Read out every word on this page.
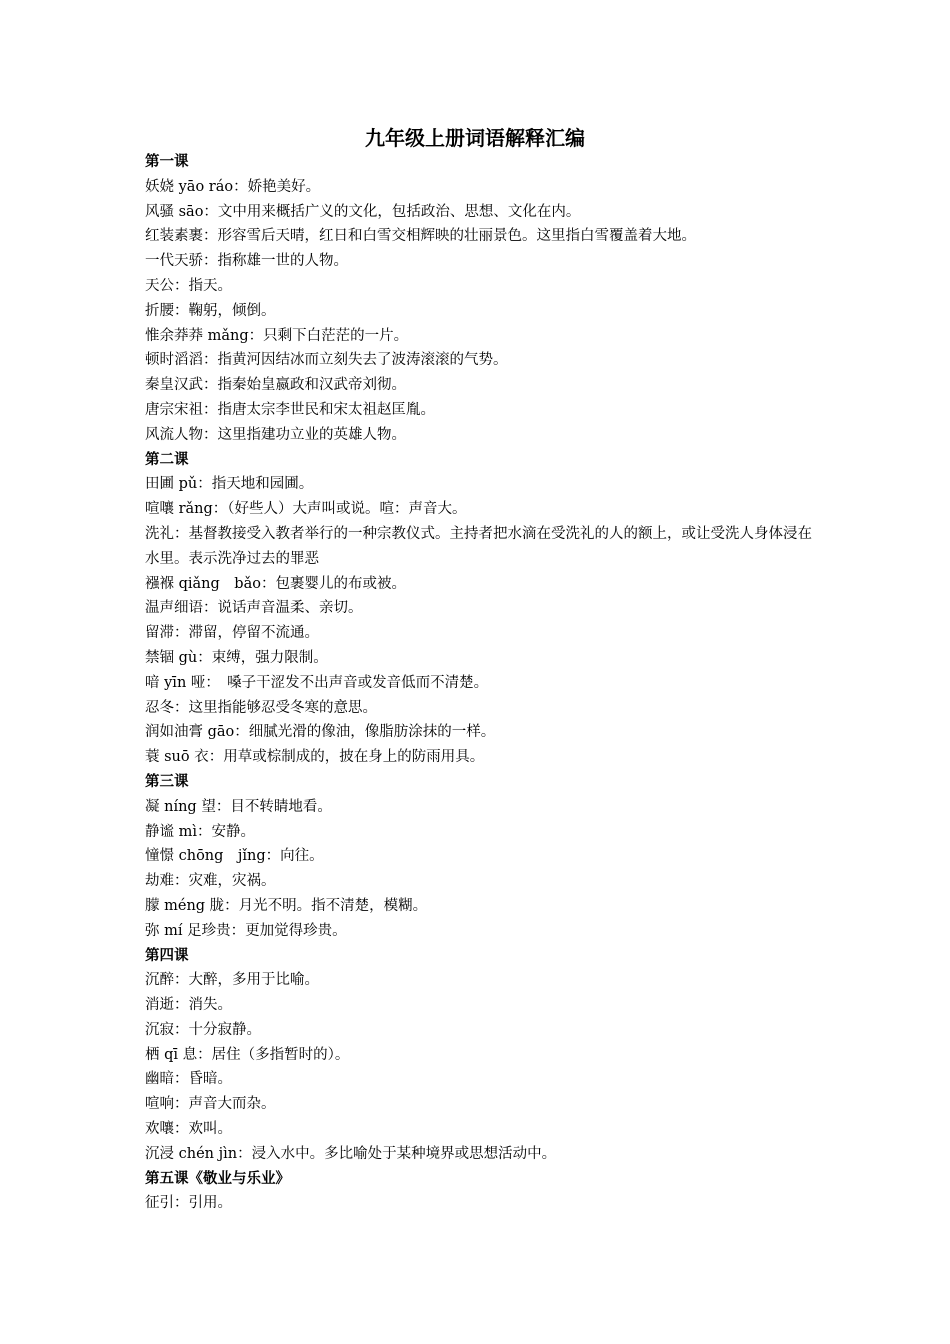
九年级上册词语解释汇编
第一课
妖娆 yāo ráo：娇艳美好。
风骚 sāo：文中用来概括广义的文化，包括政治、思想、文化在内。
红装素裹：形容雪后天晴，红日和白雪交相辉映的壮丽景色。这里指白雪覆盖着大地。
一代天骄：指称雄一世的人物。
天公：指天。
折腰：鞠躬，倾倒。
惟余莽莽 mǎng：只剩下白茫茫的一片。
顿时滔滔：指黄河因结冰而立刻失去了波涛滚滚的气势。
秦皇汉武：指秦始皇嬴政和汉武帝刘彻。
唐宗宋祖：指唐太宗李世民和宋太祖赵匡胤。
风流人物：这里指建功立业的英雄人物。
第二课
田圃 pǔ：指天地和园圃。
喧嚷 rǎng：（好些人）大声叫或说。喧：声音大。
洗礼：基督教接受入教者举行的一种宗教仪式。主持者把水滴在受洗礼的人的额上，或让受洗人身体浸在水里。表示洗净过去的罪恶
襁褓 qiǎng　bǎo：包裹婴儿的布或被。
温声细语：说话声音温柔、亲切。
留滞：滞留，停留不流通。
禁锢 gù：束缚，强力限制。
喑 yīn 哑：　嗓子干涩发不出声音或发音低而不清楚。
忍冬：这里指能够忍受冬寒的意思。
润如油膏 gāo：细腻光滑的像油，像脂肪涂抹的一样。
蓑 suō 衣：用草或棕制成的，披在身上的防雨用具。
第三课
凝 níng 望：目不转睛地看。
静谧 mì：安静。
憧憬 chōng　jǐng：向往。
劫难：灾难，灾祸。
朦 méng 胧：月光不明。指不清楚，模糊。
弥 mí 足珍贵：更加觉得珍贵。
第四课
沉醉：大醉，多用于比喻。
消逝：消失。
沉寂：十分寂静。
栖 qī 息：居住（多指暂时的）。
幽暗：昏暗。
喧响：声音大而杂。
欢嚷：欢叫。
沉浸 chén jìn：浸入水中。多比喻处于某种境界或思想活动中。
第五课《敬业与乐业》
征引：引用。
